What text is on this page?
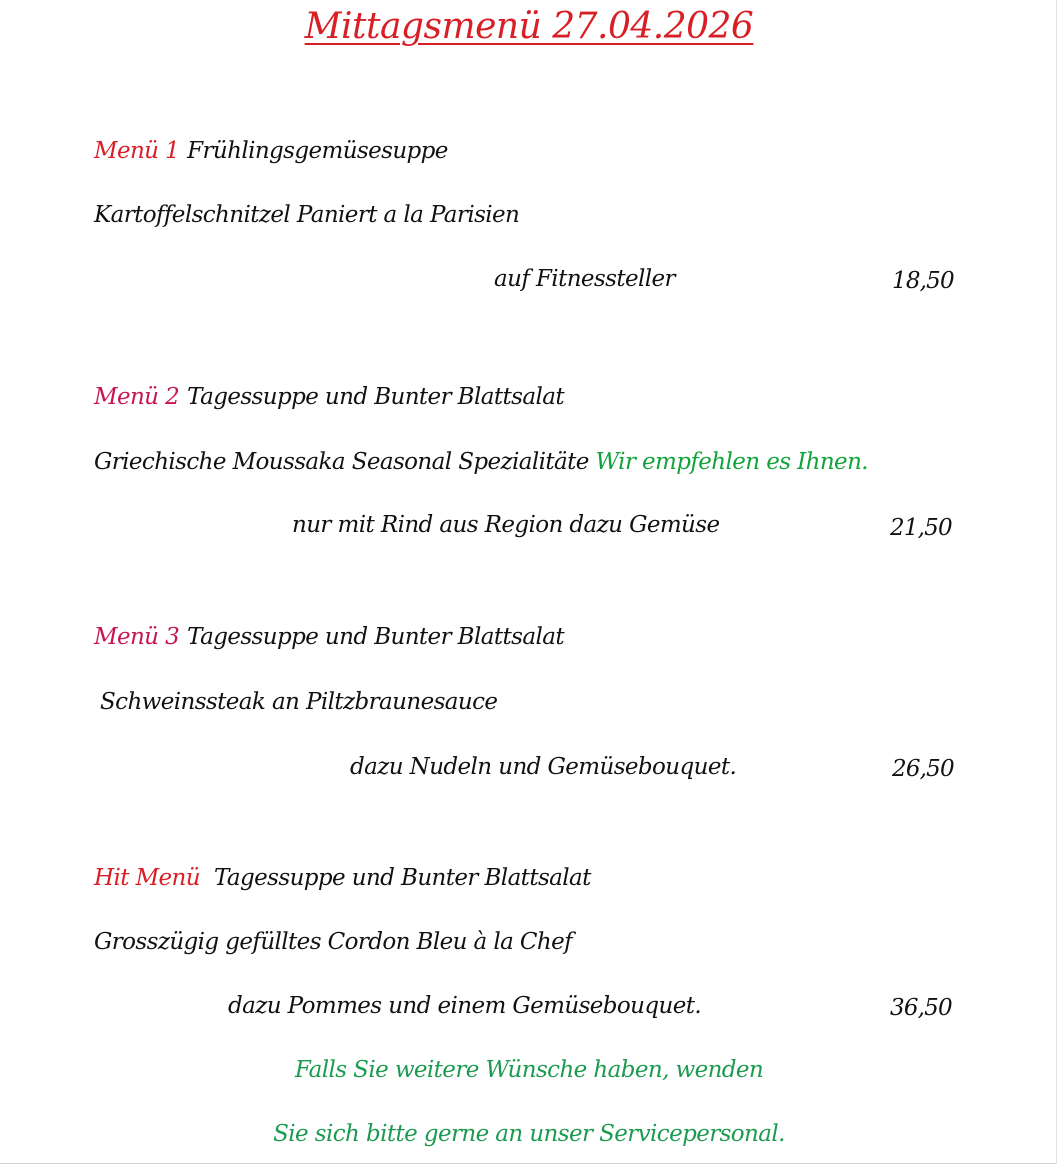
Mittagsmenü 27.04.2026
Menü 1 Frühlingsgemüsesuppe
Kartoffelschnitzel Paniert a la Parisien
auf Fitnessteller	18,50
Menü 2 Tagessuppe und Bunter Blattsalat
Griechische Moussaka Seasonal Spezialitäte Wir empfehlen es Ihnen.
nur mit Rind aus Region dazu Gemüse	21,50
Menü 3 Tagessuppe und Bunter Blattsalat
Schweinssteak an Piltzbraunesauce
dazu Nudeln und Gemüsebouquet.	26,50
Hit Menü Tagessuppe und Bunter Blattsalat
Grosszügig gefülltes Cordon Bleu à la Chef
dazu Pommes und einem Gemüsebouquet.	36,50
Falls Sie weitere Wünsche haben, wenden
Sie sich bitte gerne an unser Servicepersonal.
